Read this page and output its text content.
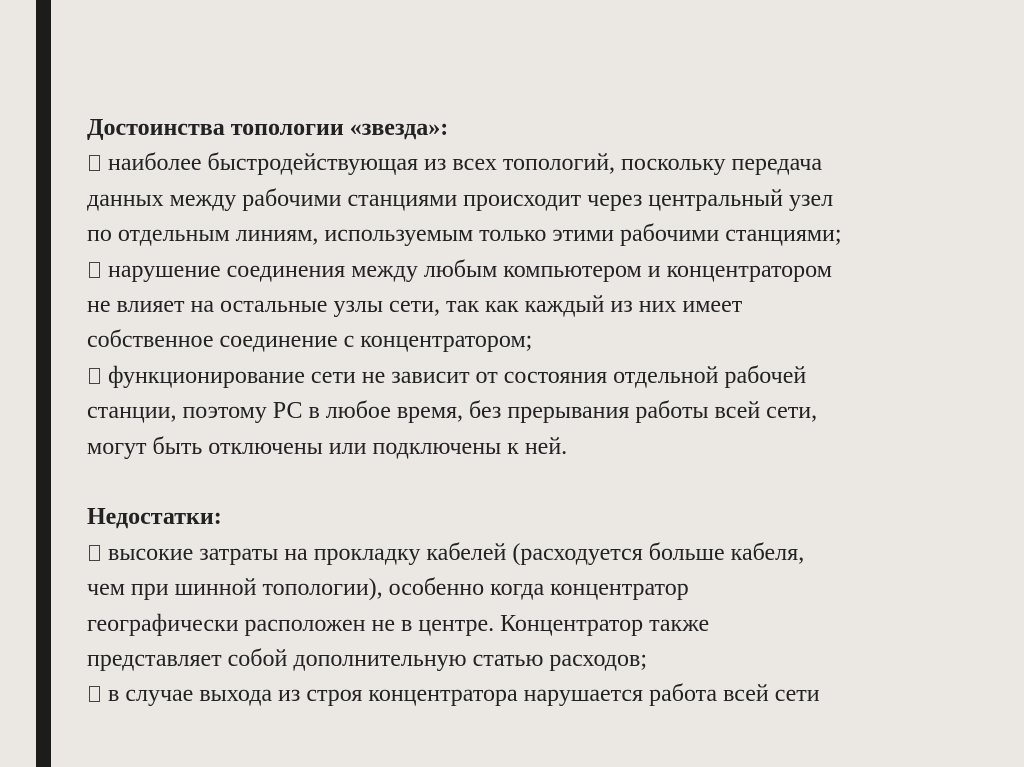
Достоинства топологии «звезда»:

наиболее быстродействующая из всех топологий, поскольку передача
данных между рабочими станциями происходит через центральный узел
по отдельным линиям, используемым только этими рабочими станциями;
нарушение соединения между любым компьютером и концентратором
не влияет на остальные узлы сети, так как каждый из них имеет
собственное соединение с концентратором;
функционирование сети не зависит от состояния отдельной рабочей
станции, поэтому РС в любое время, без прерывания работы всей сети,
могут быть отключены или подключены к ней.

Недостатки:

высокие затраты на прокладку кабелей (расходуется больше кабеля,
чем при шинной топологии), особенно когда концентратор
географически расположен не в центре. Концентратор также
представляет собой дополнительную статью расходов;
в случае выхода из строя концентратора нарушается работа всей сети
